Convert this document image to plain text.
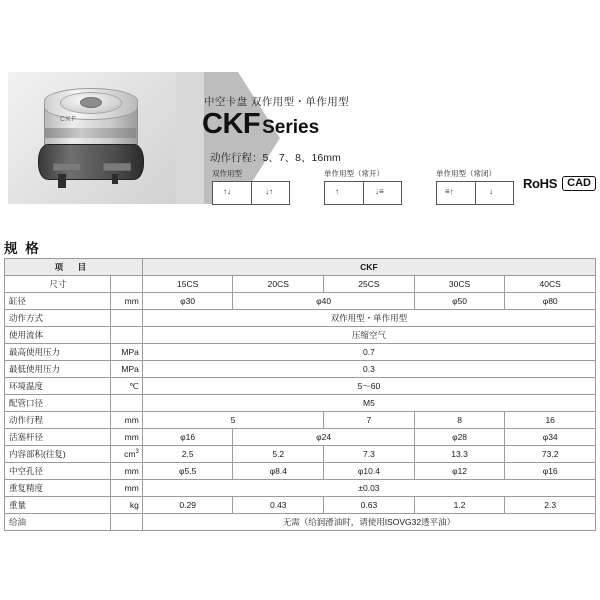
CKF
中空卡盘 双作用型・单作用型
CKF Series
动作行程：5、7、8、16mm
双作用型
↑↓	↓↑
单作用型（常开）
↑	↓≡
单作用型（常闭）
≡↑	↓
RoHS CAD
规 格
项　目		CKF				
尺寸		15CS	20CS	25CS	30CS	40CS
缸径	mm	φ30	φ40		φ50	φ80
动作方式		双作用型・单作用型				
使用流体		压缩空气				
最高使用压力	MPa	0.7				
最低使用压力	MPa	0.3				
环境温度	℃	5～60				
配管口径		M5				
动作行程	mm	5		7	8	16
活塞杆径	mm	φ16	φ24		φ28	φ34
内容部积(往复)	$cm^3$	2.5	5.2	7.3	13.3	73.2
中空孔径	mm	φ5.5	φ8.4	φ10.4	φ12	φ16
重复精度	mm	±0.03				
重量	kg	0.29	0.43	0.63	1.2	2.3
给油		无需（给润滑油时，请使用ISOVG32透平油）				
